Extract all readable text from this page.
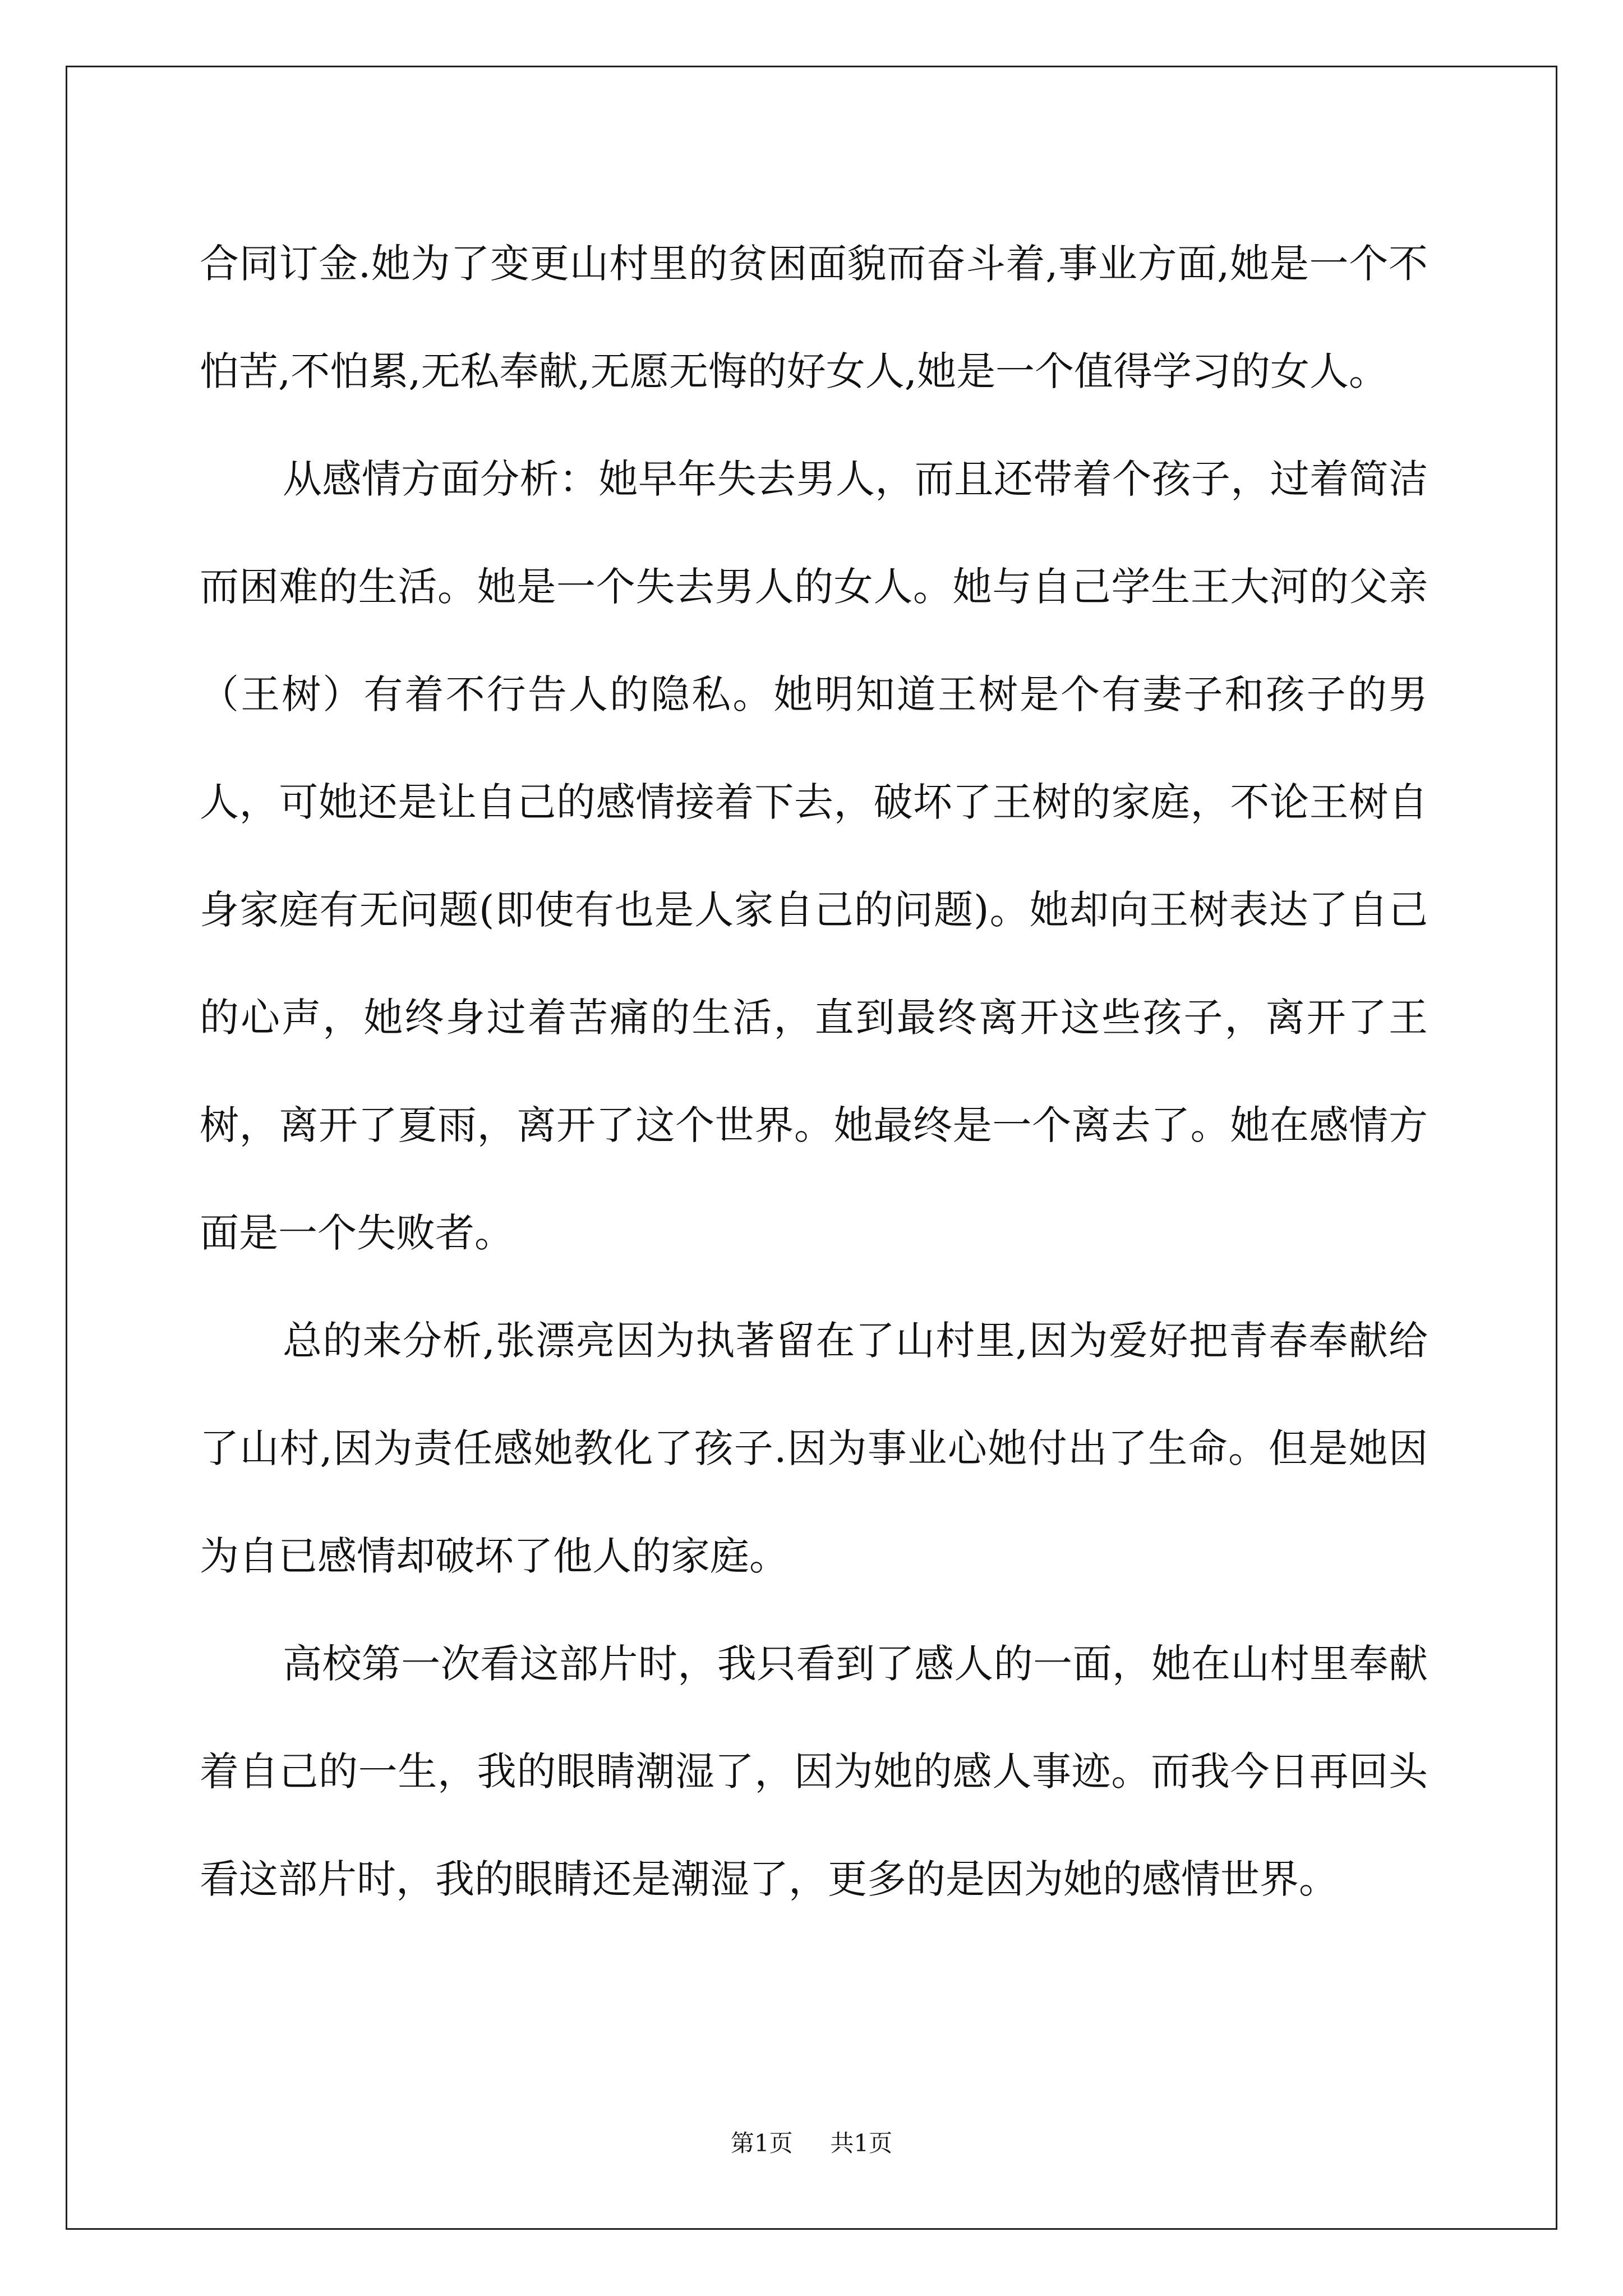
合同订金.她为了变更山村里的贫困面貌而奋斗着,事业方面,她是一个不怕苦,不怕累,无私奉献,无愿无悔的好女人,她是一个值得学习的女人。

从感情方面分析：她早年失去男人，而且还带着个孩子，过着简洁而困难的生活。她是一个失去男人的女人。她与自己学生王大河的父亲（王树）有着不行告人的隐私。她明知道王树是个有妻子和孩子的男人，可她还是让自己的感情接着下去，破坏了王树的家庭，不论王树自身家庭有无问题(即使有也是人家自己的问题)。她却向王树表达了自己的心声，她终身过着苦痛的生活，直到最终离开这些孩子，离开了王树，离开了夏雨，离开了这个世界。她最终是一个离去了。她在感情方面是一个失败者。

总的来分析,张漂亮因为执著留在了山村里,因为爱好把青春奉献给了山村,因为责任感她教化了孩子.因为事业心她付出了生命。但是她因为自已感情却破坏了他人的家庭。

高校第一次看这部片时，我只看到了感人的一面，她在山村里奉献着自己的一生，我的眼睛潮湿了，因为她的感人事迹。而我今日再回头看这部片时，我的眼睛还是潮湿了，更多的是因为她的感情世界。

第1页 共1页
